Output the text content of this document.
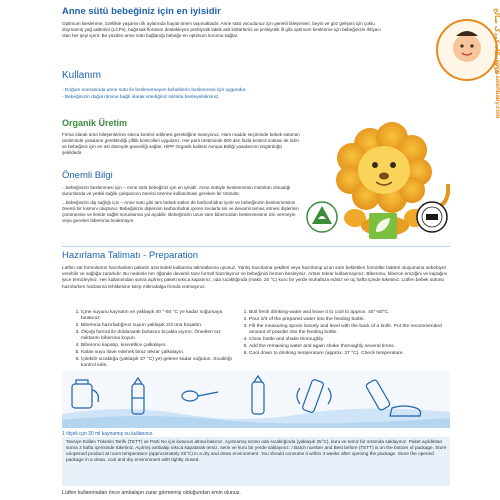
Anne sütü bebeğiniz için en iyisidir
Optimum Beslenme, özellikle yaşamın ilk aylarında hayati önem taşımaktadır. Anne sütü vücudunuz için gerekli bileşenleri, beyin ve göz gelişimi için çoklu doymamış yağ asitlerini (LCPs), bağırsak florasını destekleyen prebiyotik laktik asit kültürlerini ve probiyotik lif gibi optimum beslenme için bebeğinizin ihtiyacı olan her şeyi içerir. Bu yüzden anne sütü bağlanığı bebeğe en optimum koruma sağlar.
Kullanım
- Doğum sonrasında anne sütü ile beslenemeyen bebeklerin beslenmesi için uygundur.
- Bebeğinizin doğal ritmine bağlı olarak istediğiniz sıklıkta besleyebilirsiniz.
Organik Üretim
Firma olarak ürün bileşenlerinin sıkıca kontrol edilmesi gerektiğine inanıyoruz. Ham madde seçiminde bebek sütünün üretiminde yasaların gerektirdiği çiftlik kontrolleri uygularız. Her parti üretiminde 600 den fazla kontrol noktası ile sizin ve bebeğiniz için en üst düzeyde güvenliği sağlar. HiPP Organik kalitesi Avrupa Birliği yasalarının öngördüğü şekildedir.
Önemli Bilgi
...bebeğinizin beslenmesi için – Anne sütü bebeğiniz için en iyisidir. Anne sütüyle beslenmenin mümkün olmadığı durumlarda ve yetkili sağlık çalışanının önerisi üzerine kullanılması gereken bir üründür.
...bebeğinizin diş sağlığı için – Anne sütü gibi tüm bebek sütleri de karbonhidrat içerir ve bebeğinizin beslenmesinin önemli bir kısmını oluşturur. Bebeğinizin dişlerinin karbonhidrat içeren sıvılarla sık ve devamlı temas etmesi dişlerinin çürümesine ve ileride sağlık sorunlarına yol açabilir. Bebeğinizin uzun süre biberondan beslenmesine izin vermeyin veya geceleri biberonla bırakmayın.
Hazırlama Talimatı - Preparation
Lütfen süt formülünün hazırlanken paketin üzerindeki kullanma talimatlarına uyunuz. Yanlış hazırlama şekilleri veya hazırlanıp uzun süre bekletilen formüller bakteri oluşumuna sebebiyet verebilir ve sağlığa zararlıdır. Bu nedenle her öğünde devamlı taze formül hazırlayınız ve bebeğinizi hemen besleyiniz. Artanı tekrar kullanmayınız. Biberonu, biberon emziğini ve kapağını iyice temizleyiniz. Her kullanımdan sonra açılmış paketi sıkıca kapatınız, oda sıcaklığında (maks. 25 °C) kuru bir yerde muhafaza ediniz ve üç hafta içinde tüketiniz. Lütfen bebek sütünü hazırlarken hazlanma tehlikesine karşı mikrodalga fırında ısıtmayınız.
1. İçme suyunu kaynatın ve yaklaşık 40 °-50 °C ye kadar soğumaya bırakınız.
2. Biberona hazırladığınız suyun yaklaşık 2/3 ünü boşaltın.
3. Ölçeği formül ile doldurarak fazlasını bıçakla sıyırın. Önerilen toz miktarını biberona koyun.
4. Biberonu kapatıp, kuvvetlice çalkalayın.
5. Kalan suyu ilave edenek biraz tekrar çalkalayın.
6. İçilebilir sıcaklığa (yaklaşık 37 °C) ye) gelene kadar soğutun. Sıcaklığı kontrol edin.
1. Boil fresh drinking-water and leave it to cool to approx. 40°-50°C.
2. Pour 2/3 of the prepared water into the feeding bottle.
3. Fill the measuring spoon loosely and level with the back of a knife. Put the recommended amount of powder into the feeding bottle.
4. Close bottle and shake thoroughly.
5. Add the remaining water and again shake thoroughly several times.
6. Cool down to drinking temperature (approx. 37 °C). Check temperature.
1 ölçek için 30 ml kaynamış su kullanınız.
Tavsiye Edilen Tüketim Tarihi (TETT) ve Parti No için kutunun altına bakınız. Açılmamış ürünü oda sıcaklığında (yaklaşık 25°C), kuru ve temiz bir ortamda saklayınız. Paket açıldıktan sonra 3 hafta içerisinde tüketiniz. Açılmış ambalajı sıkıca kapatarak temiz, serin ve kuru bir yerde saklayınız. / Batch number and Best before (TETT) is on the bottom of package. Store unopened product at room temperature (approximately 25°C) in a dry and clean environment. You should consume it within 3 weeks after opening the package. Store the opened package in a clean, cool and dry environment with tightly closed.
Lütfen kullanmadan önce ambalajın zarar görmemiş olduğundan emin olunuz.
فروشگاه کودک صالح
www.salehbaby.com
